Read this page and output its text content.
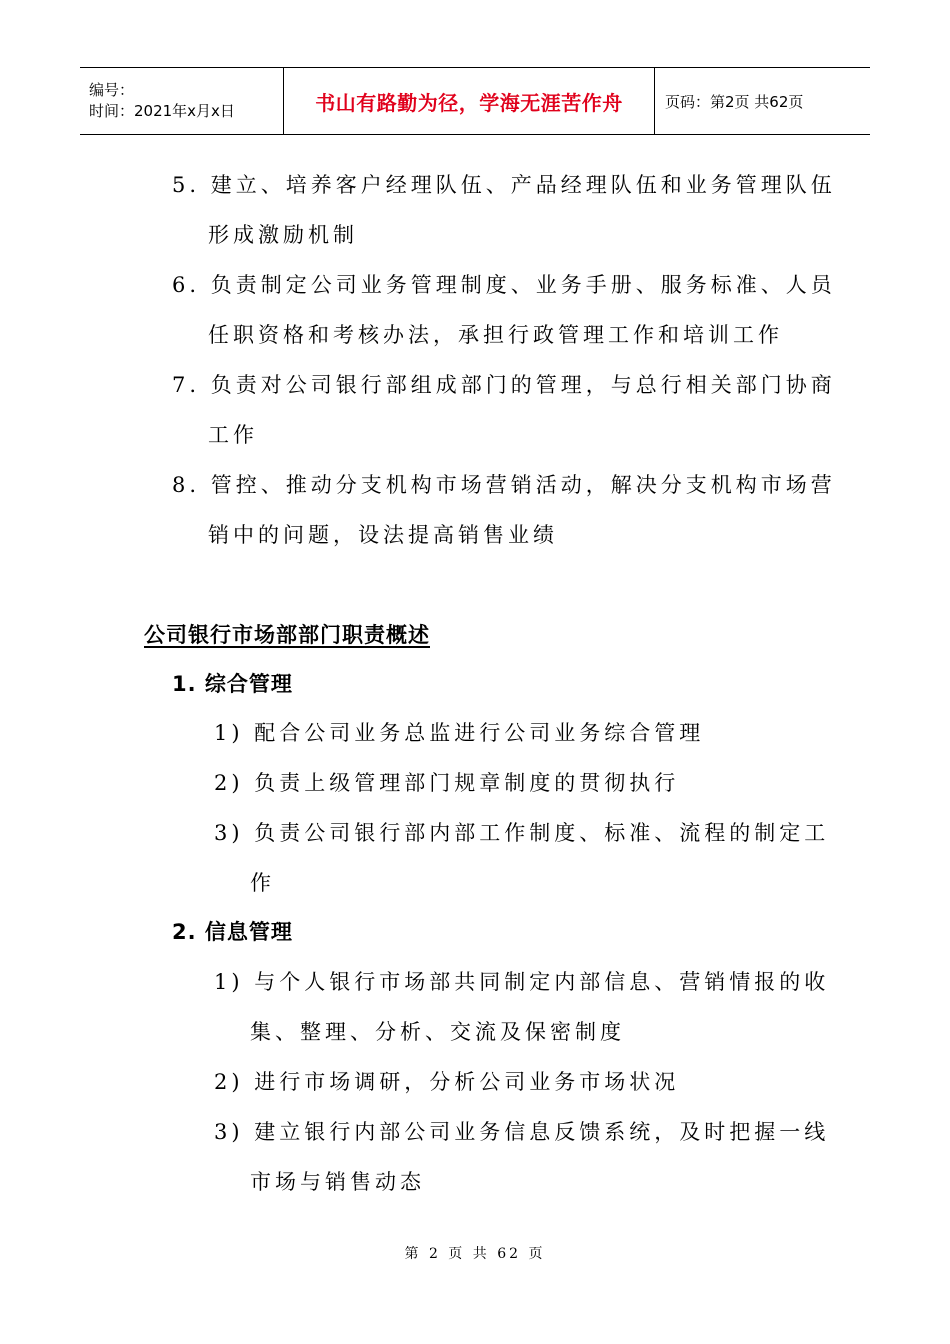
编号：
时间：2021年x月x日	书山有路勤为径，学海无涯苦作舟	页码：第2页 共62页
5. 建立、培养客户经理队伍、产品经理队伍和业务管理队伍
形成激励机制
6. 负责制定公司业务管理制度、业务手册、服务标准、人员
任职资格和考核办法，承担行政管理工作和培训工作
7. 负责对公司银行部组成部门的管理，与总行相关部门协商
工作
8. 管控、推动分支机构市场营销活动，解决分支机构市场营
销中的问题，设法提高销售业绩
公司银行市场部部门职责概述
1. 综合管理
1) 配合公司业务总监进行公司业务综合管理
2) 负责上级管理部门规章制度的贯彻执行
3) 负责公司银行部内部工作制度、标准、流程的制定工
作
2. 信息管理
1) 与个人银行市场部共同制定内部信息、营销情报的收
集、整理、分析、交流及保密制度
2) 进行市场调研，分析公司业务市场状况
3) 建立银行内部公司业务信息反馈系统，及时把握一线
市场与销售动态
第 2 页 共 62 页
